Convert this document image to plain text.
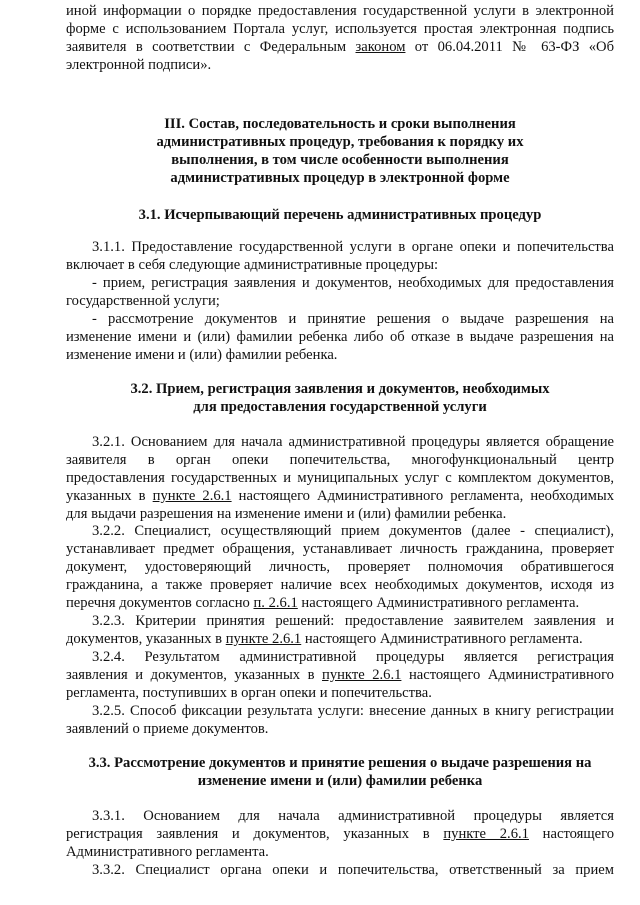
иной информации о порядке предоставления государственной услуги в электронной
форме с использованием Портала услуг, используется простая электронная подпись
заявителя в соответствии с Федеральным законом от 06.04.2011 № 63-ФЗ «Об
электронной подписи».
III. Состав, последовательность и сроки выполнения
административных процедур, требования к порядку их
выполнения, в том числе особенности выполнения
административных процедур в электронной форме
3.1. Исчерпывающий перечень административных процедур
3.1.1. Предоставление государственной услуги в органе опеки и попечительства
включает в себя следующие административные процедуры:
- прием, регистрация заявления и документов, необходимых для предоставления
государственной услуги;
- рассмотрение документов и принятие решения о выдаче разрешения на
изменение имени и (или) фамилии ребенка либо об отказе в выдаче разрешения на
изменение имени и (или) фамилии ребенка.
3.2. Прием, регистрация заявления и документов, необходимых
для предоставления государственной услуги
3.2.1. Основанием для начала административной процедуры является обращение
заявителя в орган опеки попечительства, многофункциональный центр
предоставления государственных и муниципальных услуг с комплектом документов,
указанных в пункте 2.6.1 настоящего Административного регламента, необходимых
для выдачи разрешения на изменение имени и (или) фамилии ребенка.
3.2.2. Специалист, осуществляющий прием документов (далее - специалист),
устанавливает предмет обращения, устанавливает личность гражданина, проверяет
документ, удостоверяющий личность, проверяет полномочия обратившегося
гражданина, а также проверяет наличие всех необходимых документов, исходя из
перечня документов согласно п. 2.6.1 настоящего Административного регламента.
3.2.3. Критерии принятия решений: предоставление заявителем заявления и
документов, указанных в пункте 2.6.1 настоящего Административного регламента.
3.2.4. Результатом административной процедуры является регистрация
заявления и документов, указанных в пункте 2.6.1 настоящего Административного
регламента, поступивших в орган опеки и попечительства.
3.2.5. Способ фиксации результата услуги: внесение данных в книгу регистрации
заявлений о приеме документов.
3.3. Рассмотрение документов и принятие решения о выдаче разрешения на
изменение имени и (или) фамилии ребенка
3.3.1. Основанием для начала административной процедуры является
регистрация заявления и документов, указанных в пункте 2.6.1 настоящего
Административного регламента.
3.3.2. Специалист органа опеки и попечительства, ответственный за прием
